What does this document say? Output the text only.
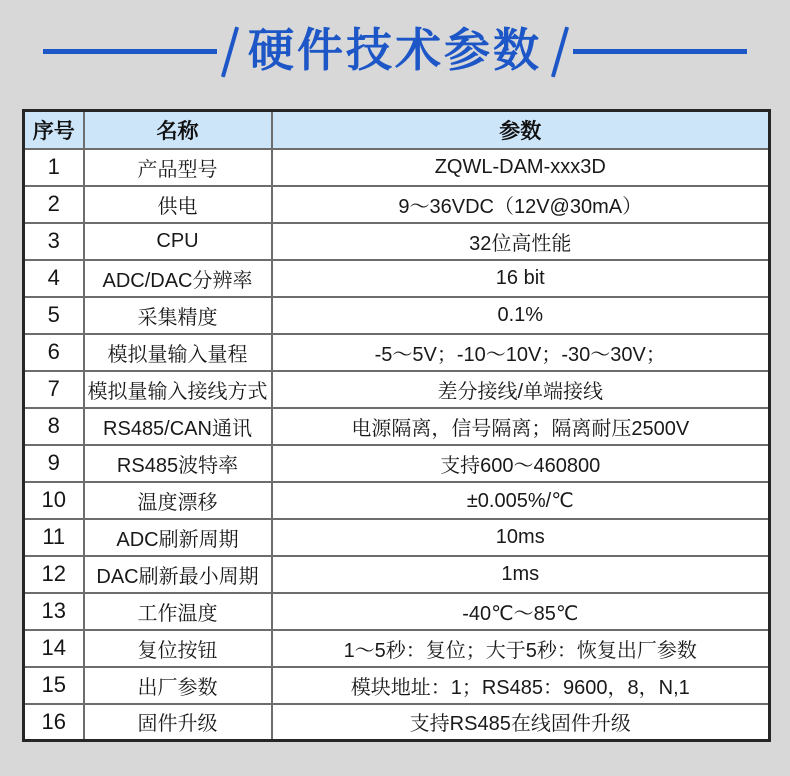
硬件技术参数
序号	名称	参数
1	产品型号	ZQWL-DAM-xxx3D
2	供电	9～36VDC（12V@30mA）
3	CPU	32位高性能
4	ADC/DAC分辨率	16 bit
5	采集精度	0.1%
6	模拟量输入量程	-5～5V；-10～10V；-30～30V；
7	模拟量输入接线方式	差分接线/单端接线
8	RS485/CAN通讯	电源隔离，信号隔离；隔离耐压2500V
9	RS485波特率	支持600～460800
10	温度漂移	±0.005%/℃
11	ADC刷新周期	10ms
12	DAC刷新最小周期	1ms
13	工作温度	-40℃～85℃
14	复位按钮	1～5秒：复位；大于5秒：恢复出厂参数
15	出厂参数	模块地址：1；RS485：9600，8，N,1
16	固件升级	支持RS485在线固件升级
